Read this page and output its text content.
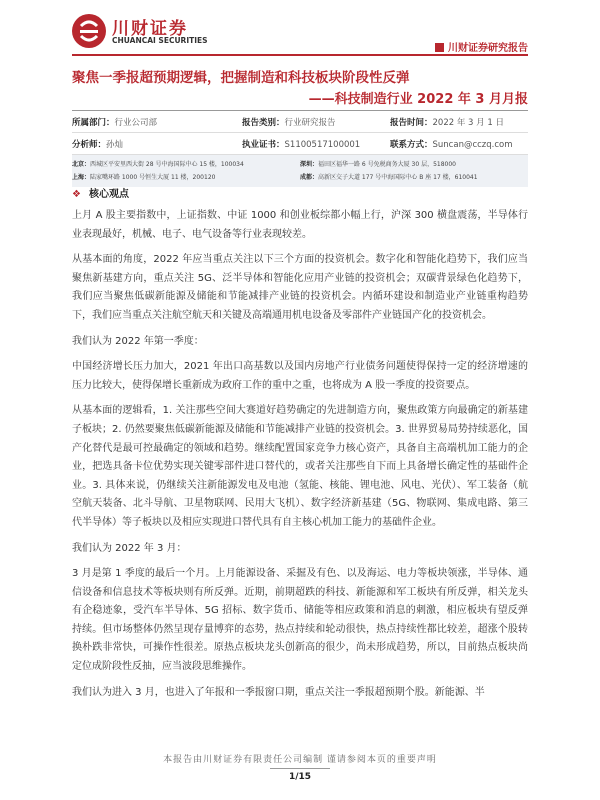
川财证券
CHUANCAI SECURITIES
川财证券研究报告
聚焦一季报超预期逻辑，把握制造和科技板块阶段性反弹
——科技制造行业 2022 年 3 月月报
所属部门：行业公司部	报告类别：行业研究报告	报告时间：2022 年 3 月 1 日
分析师：孙灿	执业证书：S1100517100001	联系方式：Suncan@cczq.com
北京：西城区平安里西大街 28 号中海国际中心 15 楼，100034	深圳：福田区福华一路 6 号免税商务大厦 30 层，518000
上海：陆家嘴环路 1000 号恒生大厦 11 楼，200120	成都：高新区交子大道 177 号中海国际中心 B 座 17 楼，610041
❖ 核心观点

上月 A 股主要指数中，上证指数、中证 1000 和创业板综都小幅上行，沪深 300 横盘震荡，半导体行业表现最好，机械、电子、电气设备等行业表现较差。

从基本面的角度，2022 年应当重点关注以下三个方面的投资机会。数字化和智能化趋势下，我们应当聚焦新基建方向，重点关注 5G、泛半导体和智能化应用产业链的投资机会；双碳背景绿色化趋势下，我们应当聚焦低碳新能源及储能和节能减排产业链的投资机会。内循环建设和制造业产业链重构趋势下，我们应当重点关注航空航天和关键及高端通用机电设备及零部件产业链国产化的投资机会。

我们认为 2022 年第一季度：

中国经济增长压力加大，2021 年出口高基数以及国内房地产行业债务问题使得保持一定的经济增速的压力比较大，使得保增长重新成为政府工作的重中之重，也将成为 A 股一季度的投资要点。

从基本面的逻辑看，1. 关注那些空间大赛道好趋势确定的先进制造方向，聚焦政策方向最确定的新基建子板块；2. 仍然要聚焦低碳新能源及储能和节能减排产业链的投资机会。3. 世界贸易局势持续恶化，国产化替代是最可控最确定的领域和趋势。继续配置国家竞争力核心资产，具备自主高端机加工能力的企业，把选具备卡位优势实现关键零部件进口替代的，或者关注那些自下而上具备增长确定性的基础件企业。3. 具体来说，仍继续关注新能源发电及电池（氢能、核能、锂电池、风电、光伏）、军工装备（航空航天装备、北斗导航、卫星物联网、民用大飞机）、数字经济新基建（5G、物联网、集成电路、第三代半导体）等子板块以及相应实现进口替代具有自主核心机加工能力的基础件企业。

我们认为 2022 年 3 月：

3 月是第 1 季度的最后一个月。上月能源设备、采掘及有色、以及海运、电力等板块领涨，半导体、通信设备和信息技术等板块则有所反弹。近期，前期超跌的科技、新能源和军工板块有所反弹，相关龙头有企稳迹象，受汽车半导体、5G 招标、数字货币、储能等相应政策和消息的刺激，相应板块有望反弹持续。但市场整体仍然呈现存量博弈的态势，热点持续和轮动很快，热点持续性都比较差，超涨个股转换朴跌非常快，可操作性很差。原热点板块龙头创新高的很少，尚未形成趋势，所以，目前热点板块尚定位成阶段性反抽，应当波段思维操作。

我们认为进入 3 月，也进入了年报和一季报窗口期，重点关注一季报超预期个股。新能源、半

本报告由川财证券有限责任公司编制 谨请参阅本页的重要声明
1/15
